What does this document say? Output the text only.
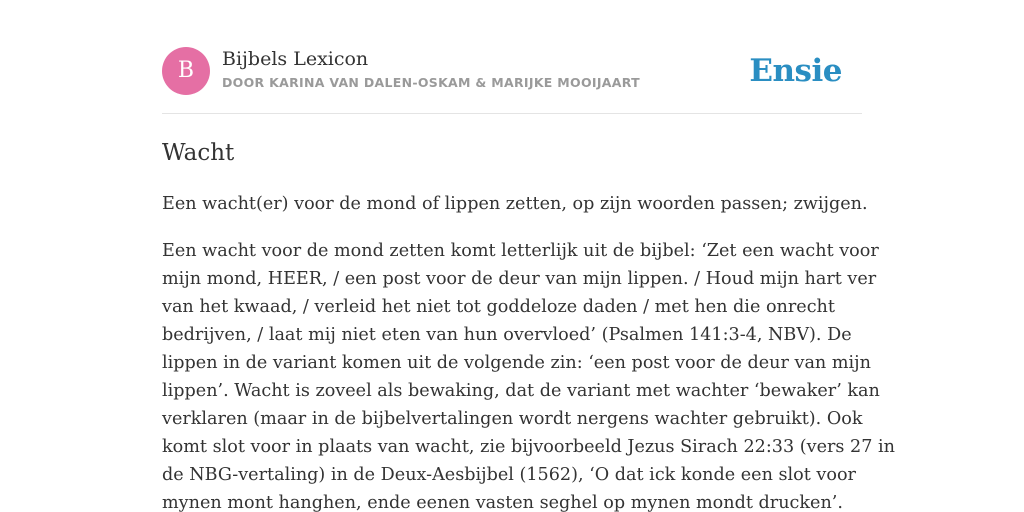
B	Bijbels Lexicon
DOOR KARINA VAN DALEN-OSKAM & MARIJKE MOOIJAART	Ensie
Wacht

Een wacht(er) voor de mond of lippen zetten, op zijn woorden passen; zwijgen.

Een wacht voor de mond zetten komt letterlijk uit de bijbel: ‘Zet een wacht voor
mijn mond, HEER, / een post voor de deur van mijn lippen. / Houd mijn hart ver
van het kwaad, / verleid het niet tot goddeloze daden / met hen die onrecht
bedrijven, / laat mij niet eten van hun overvloed’ (Psalmen 141:3-4, NBV). De
lippen in de variant komen uit de volgende zin: ‘een post voor de deur van mijn
lippen’. Wacht is zoveel als bewaking, dat de variant met wachter ‘bewaker’ kan
verklaren (maar in de bijbelvertalingen wordt nergens wachter gebruikt). Ook
komt slot voor in plaats van wacht, zie bijvoorbeeld Jezus Sirach 22:33 (vers 27 in
de NBG-vertaling) in de Deux-Aesbijbel (1562), ‘O dat ick konde een slot voor
mynen mont hanghen, ende eenen vasten seghel op mynen mondt drucken’.
